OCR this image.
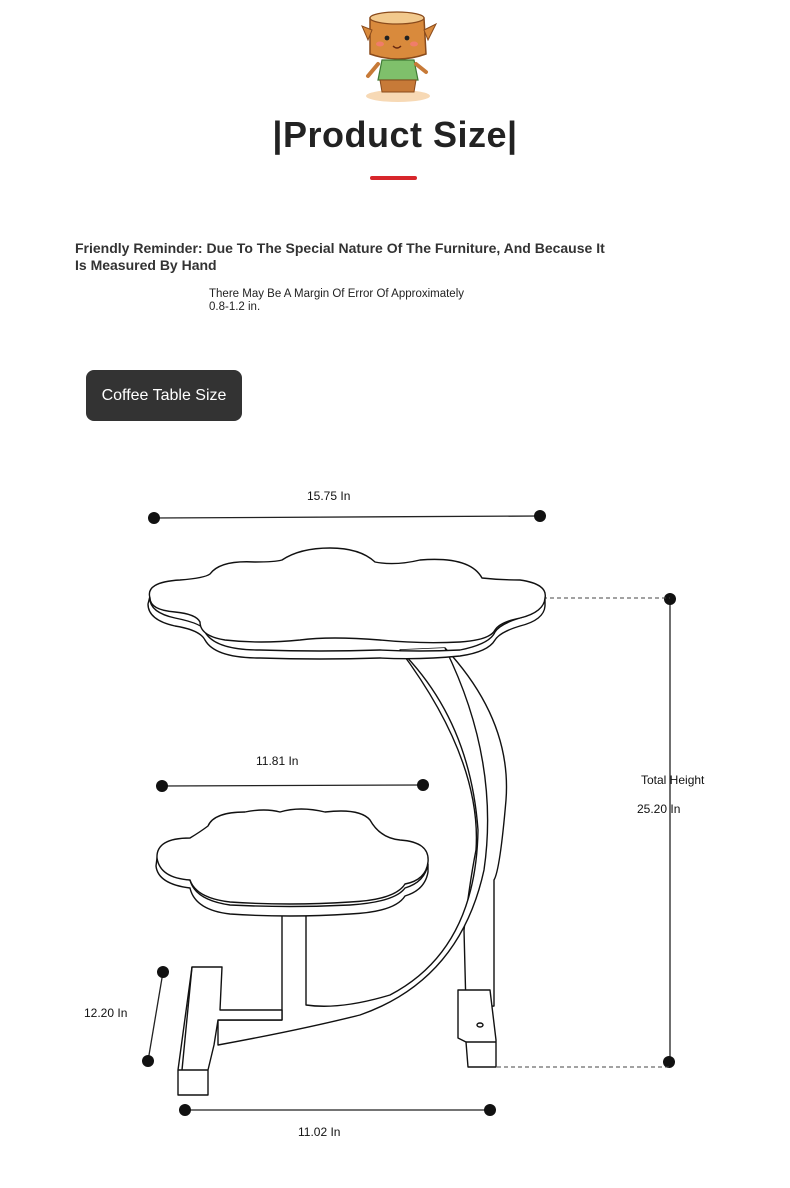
|Product Size|
Friendly Reminder: Due To The Special Nature Of The Furniture, And Because It Is Measured By Hand
There May Be A Margin Of Error Of Approximately 0.8-1.2 in.
Coffee Table Size
15.75 In
11.81 In
12.20 In
11.02 In
Total Height
25.20 In
